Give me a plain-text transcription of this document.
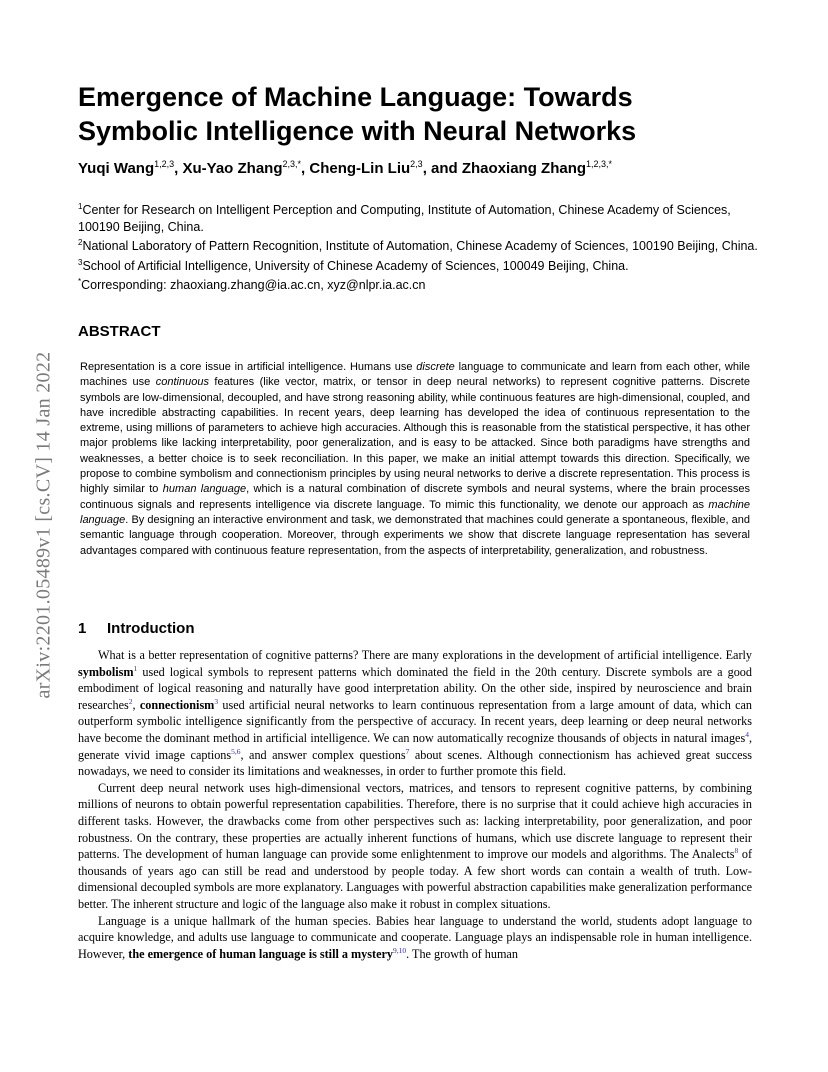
arXiv:2201.05489v1 [cs.CV] 14 Jan 2022
Emergence of Machine Language: Towards Symbolic Intelligence with Neural Networks

Yuqi Wang$^{1,2,3}$, Xu-Yao Zhang$^{2,3,*}$, Cheng-Lin Liu$^{2,3}$, and Zhaoxiang Zhang$^{1,2,3,*}$

$^1$Center for Research on Intelligent Perception and Computing, Institute of Automation, Chinese Academy of Sciences, 100190 Beijing, China.

$^2$National Laboratory of Pattern Recognition, Institute of Automation, Chinese Academy of Sciences, 100190 Beijing, China.

$^3$School of Artificial Intelligence, University of Chinese Academy of Sciences, 100049 Beijing, China.

*Corresponding: zhaoxiang.zhang@ia.ac.cn, xyz@nlpr.ia.ac.cn

ABSTRACT

Representation is a core issue in artificial intelligence. Humans use discrete language to communicate and learn from each other, while machines use continuous features (like vector, matrix, or tensor in deep neural networks) to represent cognitive patterns. Discrete symbols are low-dimensional, decoupled, and have strong reasoning ability, while continuous features are high-dimensional, coupled, and have incredible abstracting capabilities. In recent years, deep learning has developed the idea of continuous representation to the extreme, using millions of parameters to achieve high accuracies. Although this is reasonable from the statistical perspective, it has other major problems like lacking interpretability, poor generalization, and is easy to be attacked. Since both paradigms have strengths and weaknesses, a better choice is to seek reconciliation. In this paper, we make an initial attempt towards this direction. Specifically, we propose to combine symbolism and connectionism principles by using neural networks to derive a discrete representation. This process is highly similar to human language, which is a natural combination of discrete symbols and neural systems, where the brain processes continuous signals and represents intelligence via discrete language. To mimic this functionality, we denote our approach as machine language. By designing an interactive environment and task, we demonstrated that machines could generate a spontaneous, flexible, and semantic language through cooperation. Moreover, through experiments we show that discrete language representation has several advantages compared with continuous feature representation, from the aspects of interpretability, generalization, and robustness.

1 Introduction

What is a better representation of cognitive patterns? There are many explorations in the development of artificial intelligence. Early symbolism$^1$ used logical symbols to represent patterns which dominated the field in the 20th century. Discrete symbols are a good embodiment of logical reasoning and naturally have good interpretation ability. On the other side, inspired by neuroscience and brain researches$^2$, connectionism$^3$ used artificial neural networks to learn continuous representation from a large amount of data, which can outperform symbolic intelligence significantly from the perspective of accuracy. In recent years, deep learning or deep neural networks have become the dominant method in artificial intelligence. We can now automatically recognize thousands of objects in natural images$^4$, generate vivid image captions$^{5,6}$, and answer complex questions$^7$ about scenes. Although connectionism has achieved great success nowadays, we need to consider its limitations and weaknesses, in order to further promote this field.

Current deep neural network uses high-dimensional vectors, matrices, and tensors to represent cognitive patterns, by combining millions of neurons to obtain powerful representation capabilities. Therefore, there is no surprise that it could achieve high accuracies in different tasks. However, the drawbacks come from other perspectives such as: lacking interpretability, poor generalization, and poor robustness. On the contrary, these properties are actually inherent functions of humans, which use discrete language to represent their patterns. The development of human language can provide some enlightenment to improve our models and algorithms. The Analects$^8$ of thousands of years ago can still be read and understood by people today. A few short words can contain a wealth of truth. Low-dimensional decoupled symbols are more explanatory. Languages with powerful abstraction capabilities make generalization performance better. The inherent structure and logic of the language also make it robust in complex situations.

Language is a unique hallmark of the human species. Babies hear language to understand the world, students adopt language to acquire knowledge, and adults use language to communicate and cooperate. Language plays an indispensable role in human intelligence. However, the emergence of human language is still a mystery$^{9,10}$. The growth of human
